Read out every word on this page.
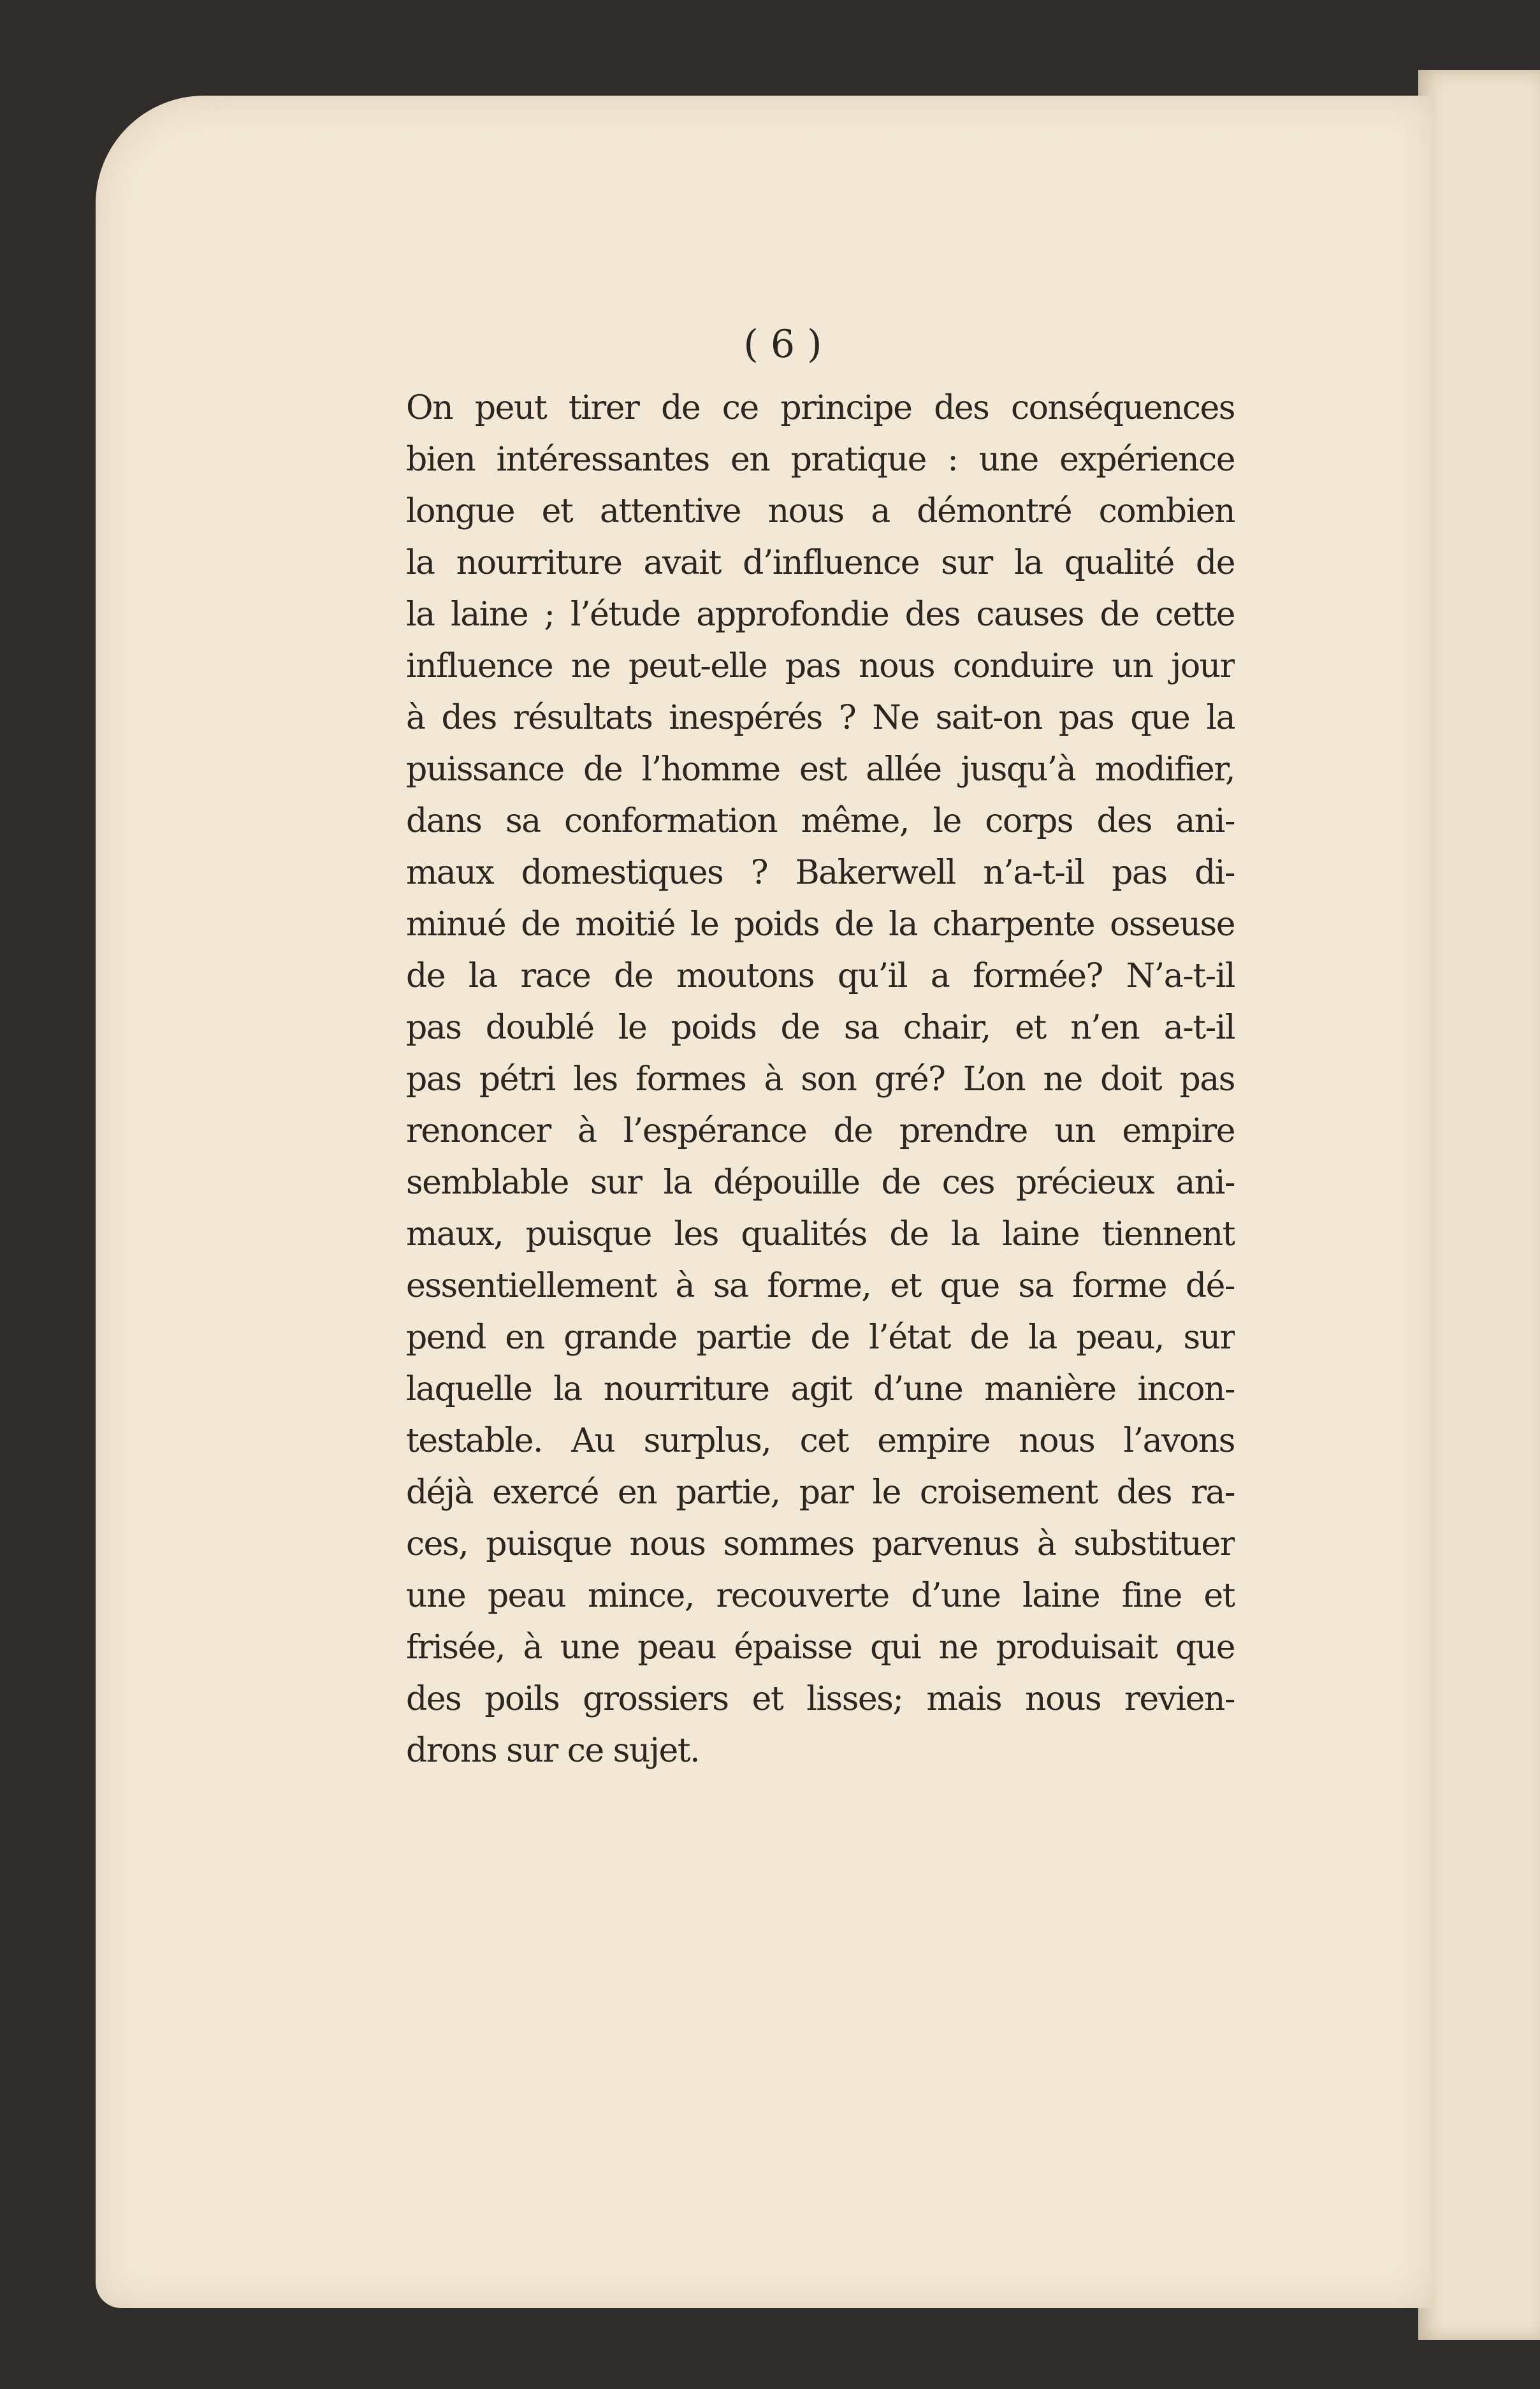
( 6 )

On peut tirer de ce principe des conséquences
bien intéressantes en pratique : une expérience
longue et attentive nous a démontré combien
la nourriture avait d’influence sur la qualité de
la laine ; l’étude approfondie des causes de cette
influence ne peut-elle pas nous conduire un jour
à des résultats inespérés ? Ne sait-on pas que la
puissance de l’homme est allée jusqu’à modifier,
dans sa conformation même, le corps des ani-
maux domestiques ? Bakerwell n’a-t-il pas di-
minué de moitié le poids de la charpente osseuse
de la race de moutons qu’il a formée? N’a-t-il
pas doublé le poids de sa chair, et n’en a-t-il
pas pétri les formes à son gré? L’on ne doit pas
renoncer à l’espérance de prendre un empire
semblable sur la dépouille de ces précieux ani-
maux, puisque les qualités de la laine tiennent
essentiellement à sa forme, et que sa forme dé-
pend en grande partie de l’état de la peau, sur
laquelle la nourriture agit d’une manière incon-
testable. Au surplus, cet empire nous l’avons
déjà exercé en partie, par le croisement des ra-
ces, puisque nous sommes parvenus à substituer
une peau mince, recouverte d’une laine fine et
frisée, à une peau épaisse qui ne produisait que
des poils grossiers et lisses; mais nous revien-
drons sur ce sujet.
